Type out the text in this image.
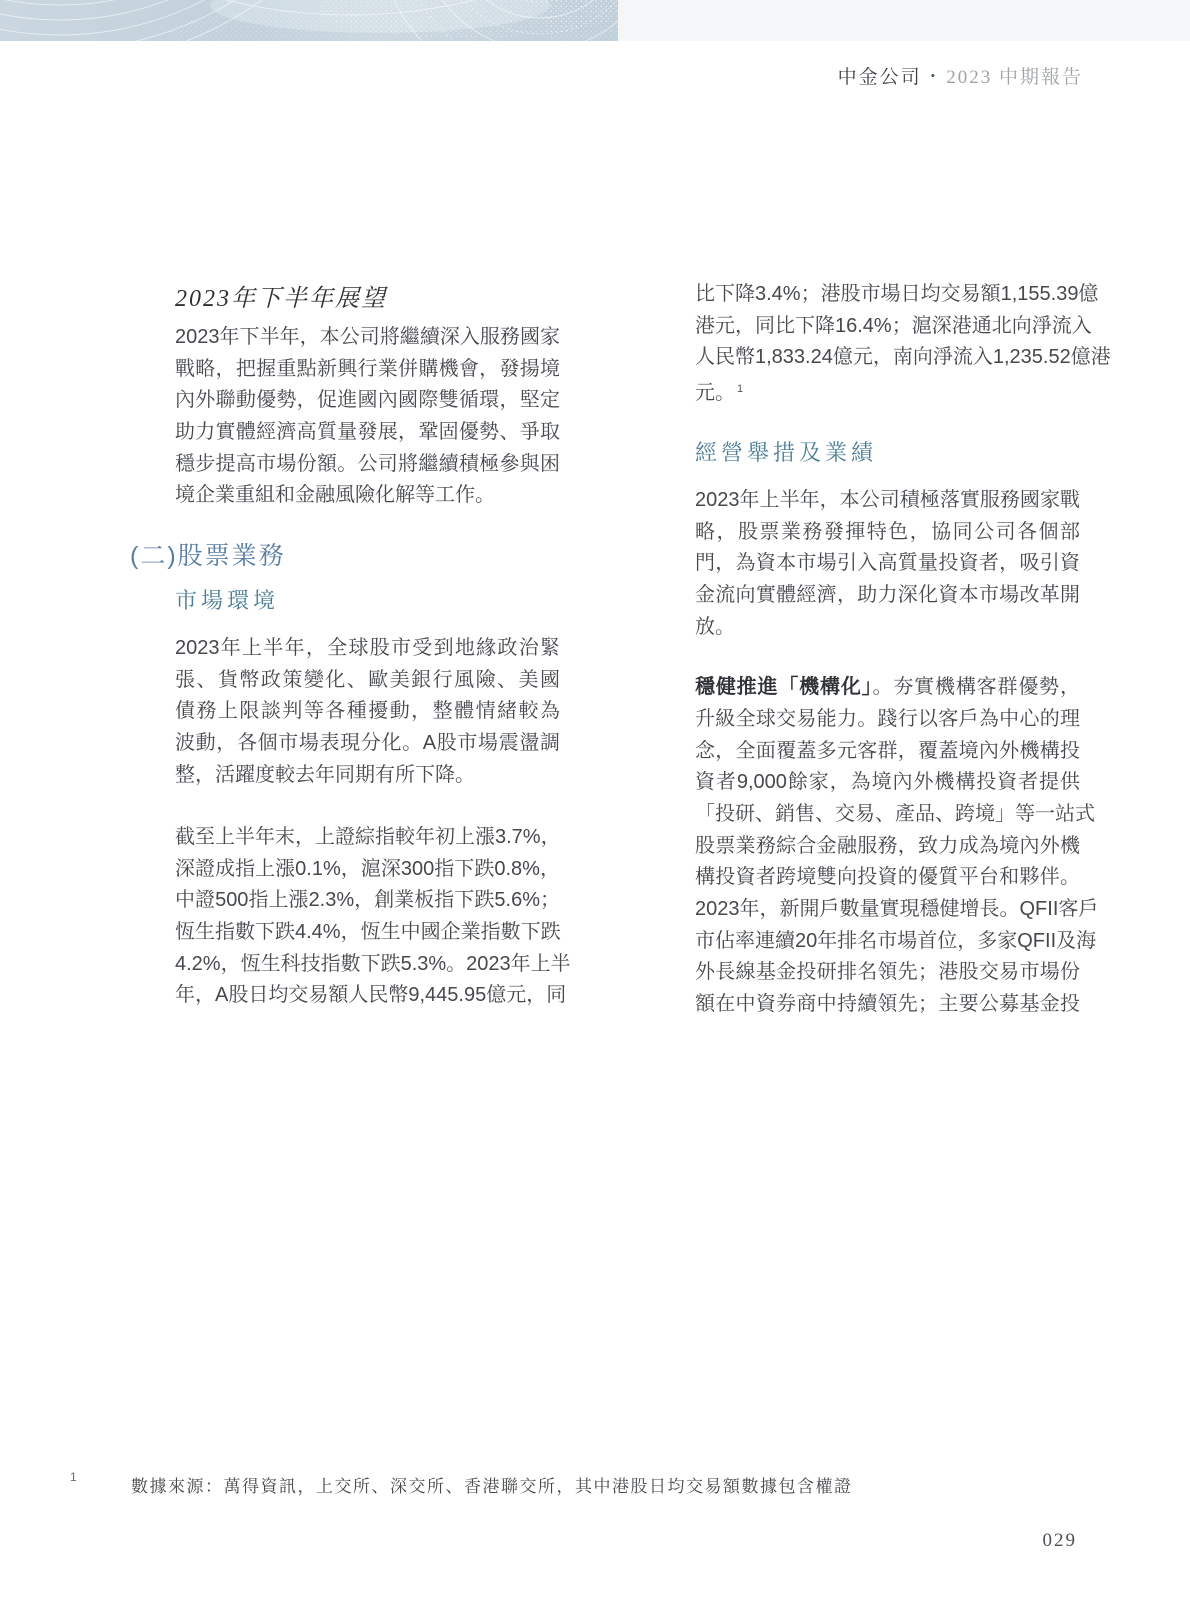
中金公司 • 2023 中期報告
2023年下半年展望
2023年下半年，本公司將繼續深入服務國家
戰略，把握重點新興行業併購機會，發揚境
內外聯動優勢，促進國內國際雙循環，堅定
助力實體經濟高質量發展，鞏固優勢、爭取
穩步提高市場份額。公司將繼續積極參與困
境企業重組和金融風險化解等工作。
(二)股票業務
市場環境
2023年上半年，全球股市受到地緣政治緊
張、貨幣政策變化、歐美銀行風險、美國
債務上限談判等各種擾動，整體情緒較為
波動，各個市場表現分化。A股市場震盪調
整，活躍度較去年同期有所下降。
截至上半年末，上證綜指較年初上漲3.7%，
深證成指上漲0.1%，滬深300指下跌0.8%，
中證500指上漲2.3%，創業板指下跌5.6%；
恆生指數下跌4.4%，恆生中國企業指數下跌
4.2%，恆生科技指數下跌5.3%。2023年上半
年，A股日均交易額人民幣9,445.95億元，同
比下降3.4%；港股市場日均交易額1,155.39億
港元，同比下降16.4%；滬深港通北向淨流入
人民幣1,833.24億元，南向淨流入1,235.52億港
元。 $^1$
經營舉措及業績
2023年上半年，本公司積極落實服務國家戰
略，股票業務發揮特色，協同公司各個部
門，為資本市場引入高質量投資者，吸引資
金流向實體經濟，助力深化資本市場改革開
放。
穩健推進「機構化」。夯實機構客群優勢，
升級全球交易能力。踐行以客戶為中心的理
念，全面覆蓋多元客群，覆蓋境內外機構投
資者9,000餘家，為境內外機構投資者提供
「投研、銷售、交易、產品、跨境」等一站式
股票業務綜合金融服務，致力成為境內外機
構投資者跨境雙向投資的優質平台和夥伴。
2023年，新開戶數量實現穩健增長。QFII客戶
市佔率連續20年排名市場首位，多家QFII及海
外長線基金投研排名領先；港股交易市場份
額在中資券商中持續領先；主要公募基金投
1	數據來源：萬得資訊，上交所、深交所、香港聯交所，其中港股日均交易額數據包含權證
029
